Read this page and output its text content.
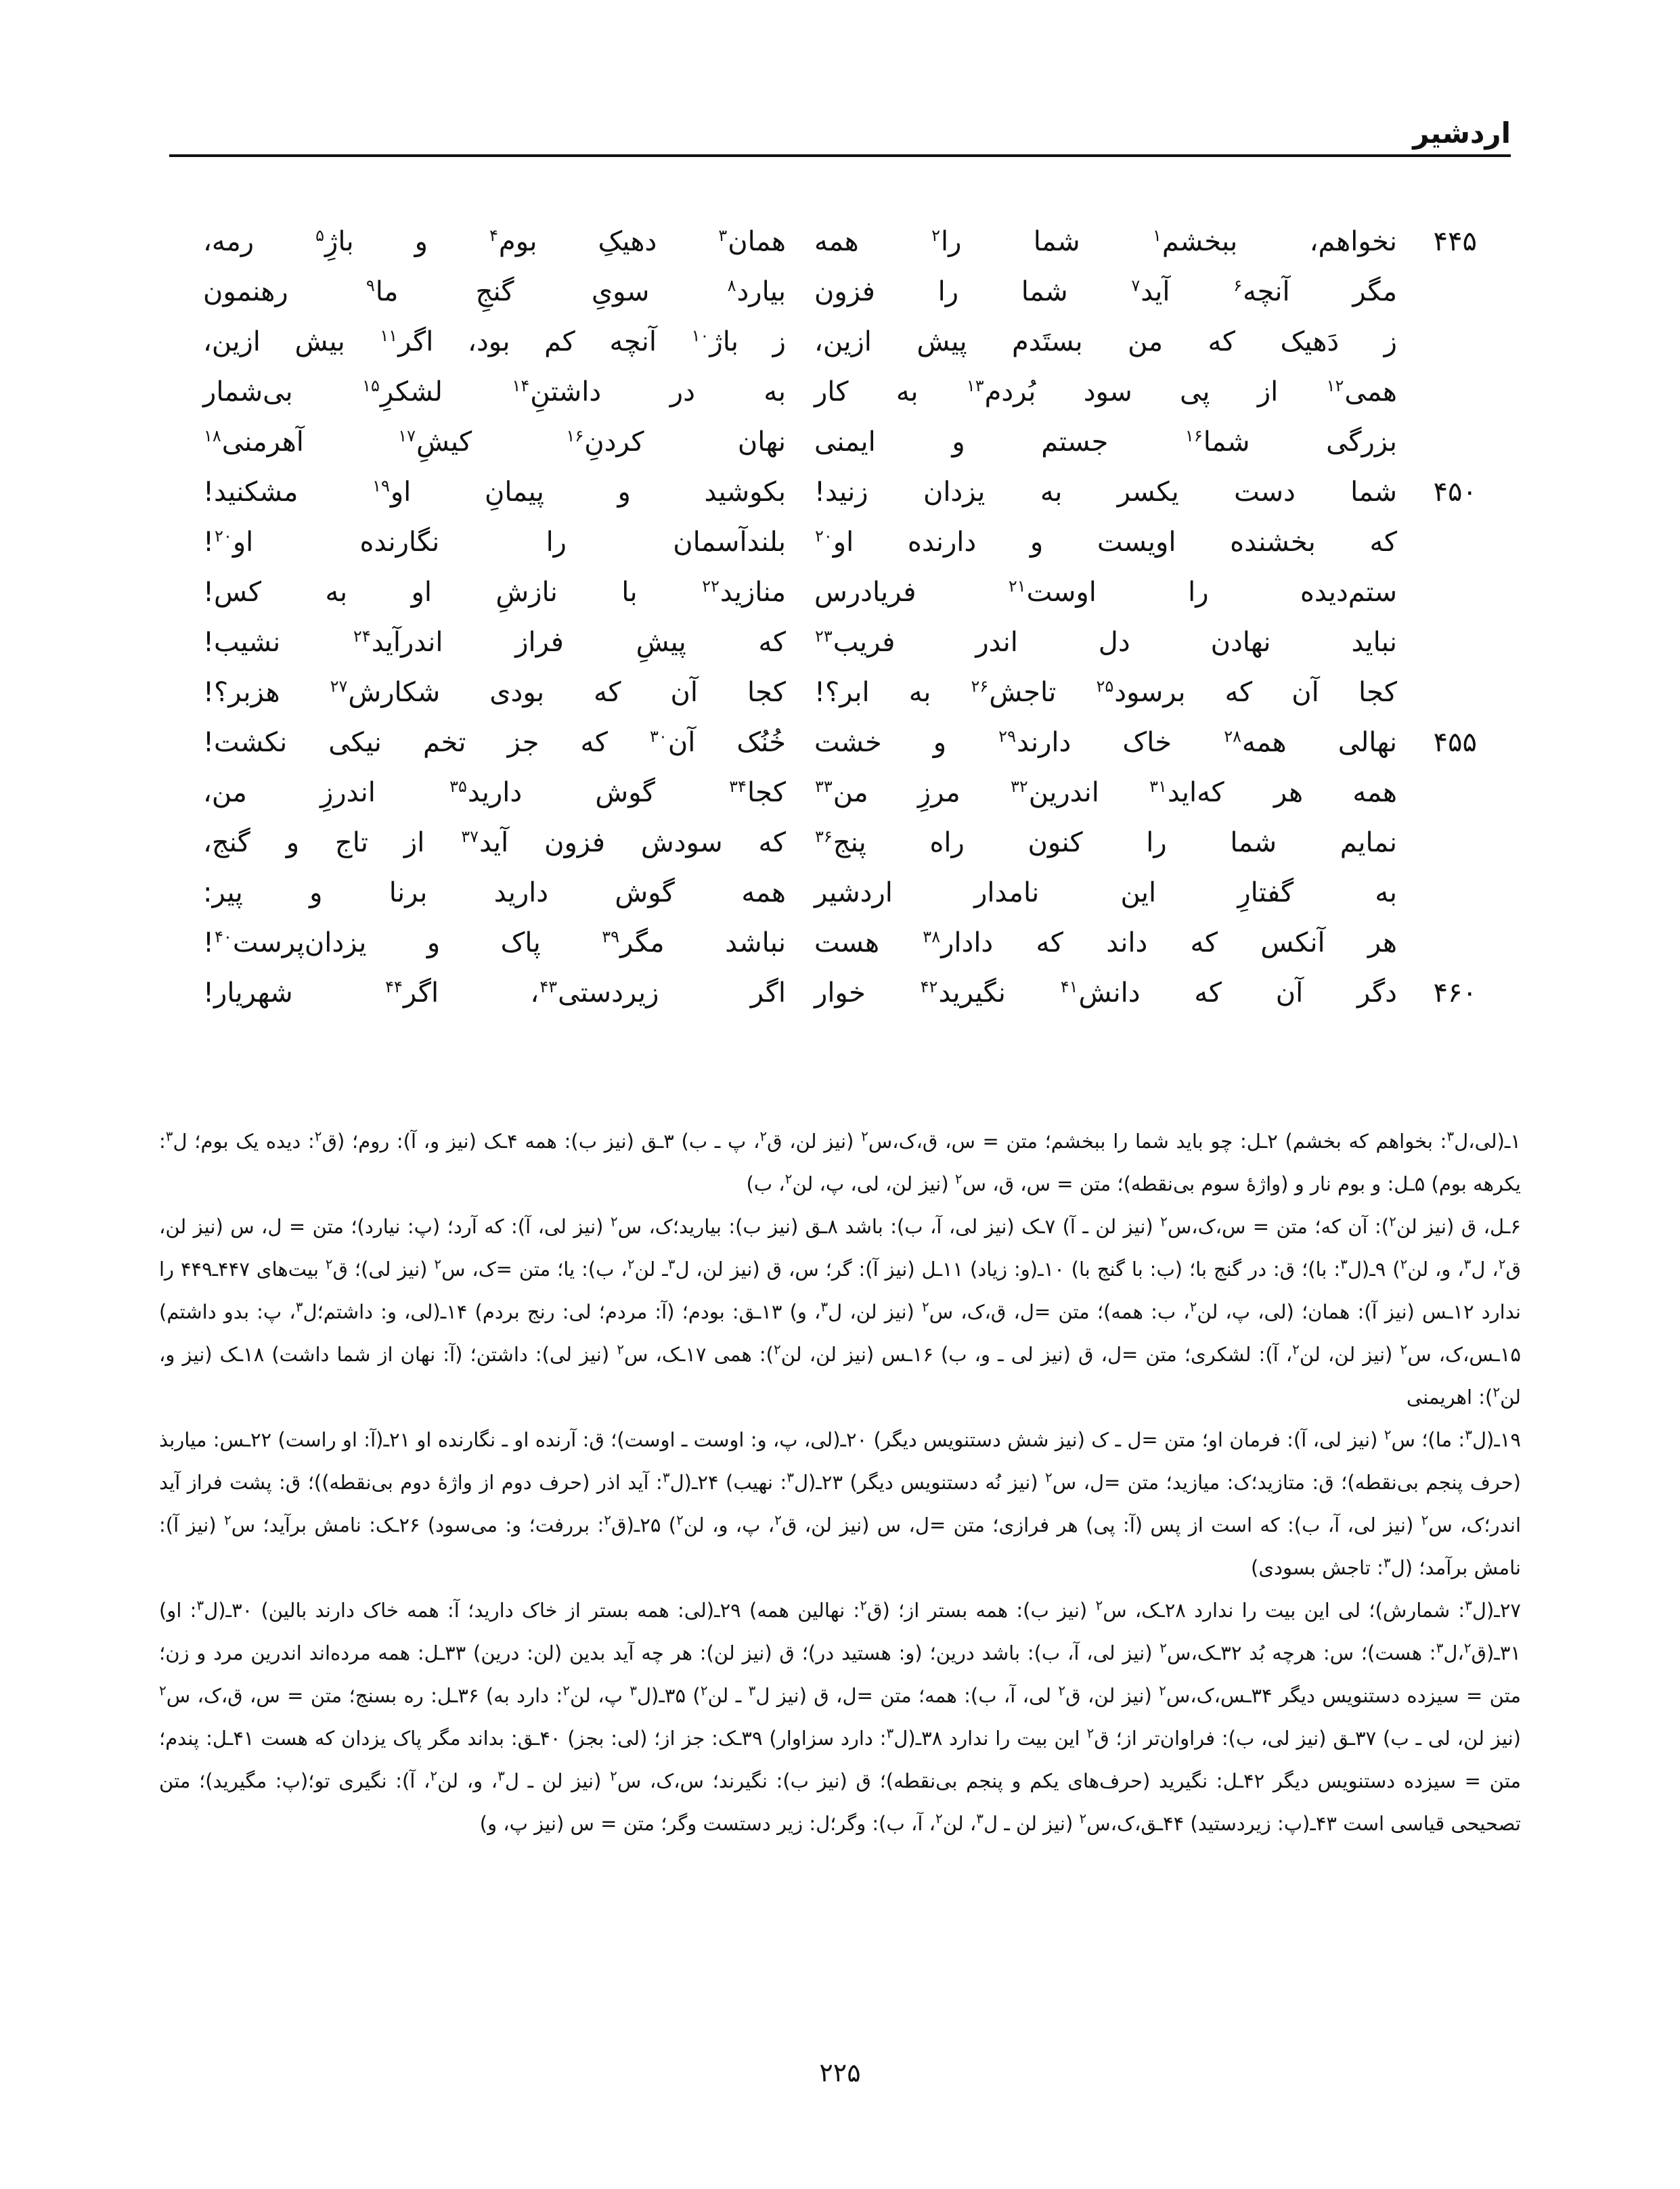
اردشیر
۴۴۵
نخواهم، ببخشم$^۱$ شما را$^۲$ همه
همان$^۳$ دهیکِ بوم$^۴$ و باژِ$^۵$ رمه،
مگر آنچه$^۶$ آید$^۷$ شما را فزون
بیارد$^۸$ سویِ گنجِ ما$^۹$ رهنمون
ز دَهیک که من بستَدم پیش ازین،
ز باژ$^{۱۰}$ آنچه کم بود، اگر$^{۱۱}$ بیش ازین،
همی$^{۱۲}$ از پی سود بُردم$^{۱۳}$ به کار
به در داشتنِ$^{۱۴}$ لشکرِ$^{۱۵}$ بی‌شمار
بزرگی شما$^{۱۶}$ جستم و ایمنی
نهان کردنِ$^{۱۶}$ کیشِ$^{۱۷}$ آهرمنی$^{۱۸}$
۴۵۰
شما دست یکسر به یزدان زنید!
بکوشید و پیمانِ او$^{۱۹}$ مشکنید!
که بخشنده اویست و دارنده او$^{۲۰}$
بلندآسمان را نگارنده او$^{۲۰}$!
ستم‌دیده را اوست$^{۲۱}$ فریادرس
منازید$^{۲۲}$ با نازشِ او به کس!
نباید نهادن دل اندر فریب$^{۲۳}$
که پیشِ فراز اندرآید$^{۲۴}$ نشیب!
کجا آن که برسود$^{۲۵}$ تاجش$^{۲۶}$ به ابر؟!
کجا آن که بودی شکارش$^{۲۷}$ هزبر؟!
۴۵۵
نهالی همه$^{۲۸}$ خاک دارند$^{۲۹}$ و خشت
خُنُک آن$^{۳۰}$ که جز تخم نیکی نکشت!
همه هر که‌اید$^{۳۱}$ اندرین$^{۳۲}$ مرزِ من$^{۳۳}$
کجا$^{۳۴}$ گوش دارید$^{۳۵}$ اندرزِ من،
نمایم شما را کنون راه پنج$^{۳۶}$
که سودش فزون آید$^{۳۷}$ از تاج و گنج،
به گفتارِ این نامدار اردشیر
همه گوش دارید برنا و پیر:
هر آنکس که داند که دادار$^{۳۸}$ هست
نباشد مگر$^{۳۹}$ پاک و یزدان‌پرست$^{۴۰}$!
۴۶۰
دگر آن که دانش$^{۴۱}$ نگیرید$^{۴۲}$ خوار
اگر زیردستی$^{۴۳}$، اگر$^{۴۴}$ شهریار!
۱ـ(لی،ل$^۳$: بخواهم که بخشم) ۲ـل: چو باید شما را ببخشم؛ متن = س، ق،ک،س$^۲$ (نیز لن، ق$^۲$، پ ـ ب) ۳ـق (نیز ب): همه ۴ـک (نیز و، آ): روم؛ (ق$^۲$: دیده یک بوم؛ ل$^۳$: یکرهه بوم) ۵ـل: و بوم نار و (واژهٔ سوم بی‌نقطه)؛ متن = س، ق، س$^۲$ (نیز لن، لی، پ، لن$^۲$، ب)
۶ـل، ق (نیز لن$^۲$): آن که؛ متن = س،ک،س$^۲$ (نیز لن ـ آ) ۷ـک (نیز لی، آ، ب): باشد ۸ـق (نیز ب): بیارید؛ک، س$^۲$ (نیز لی، آ): که آرد؛ (پ: نیارد)؛ متن = ل، س (نیز لن، ق$^۲$، ل$^۳$، و، لن$^۲$) ۹ـ(ل$^۳$: با)؛ ق: در گنج با؛ (ب: با گنج با) ۱۰ـ(و: زیاد) ۱۱ـل (نیز آ): گر؛ س، ق (نیز لن، ل$^۳$ـ لن$^۲$، ب): یا؛ متن =ک، س$^۲$ (نیز لی)؛ ق$^۲$ بیت‌های ۴۴۷ـ۴۴۹ را ندارد ۱۲ـس (نیز آ): همان؛ (لی، پ، لن$^۲$، ب: همه)؛ متن =ل، ق،ک، س$^۲$ (نیز لن، ل$^۳$، و) ۱۳ـق: بودم؛ (آ: مردم؛ لی: رنج بردم) ۱۴ـ(لی، و: داشتم؛ل$^۳$، پ: بدو داشتم) ۱۵ـس،ک، س$^۲$ (نیز لن، لن$^۲$، آ): لشکری؛ متن =ل، ق (نیز لی ـ و، ب) ۱۶ـس (نیز لن، لن$^۲$): همی ۱۷ـک، س$^۲$ (نیز لی): داشتن؛ (آ: نهان از شما داشت) ۱۸ـک (نیز و، لن$^۲$): اهریمنی
۱۹ـ(ل$^۳$: ما)؛ س$^۲$ (نیز لی، آ): فرمان او؛ متن =ل ـ ک (نیز شش دستنویس دیگر) ۲۰ـ(لی، پ، و: اوست ـ اوست)؛ ق: آرنده او ـ نگارنده او ۲۱ـ(آ: او راست) ۲۲ـس: میاربذ (حرف پنجم بی‌نقطه)؛ ق: متازید؛ک: میازید؛ متن =ل، س$^۲$ (نیز نُه دستنویس دیگر) ۲۳ـ(ل$^۳$: نهیب) ۲۴ـ(ل$^۳$: آید اذر (حرف دوم از واژهٔ دوم بی‌نقطه))؛ ق: پشت فراز آید اندر؛ک، س$^۲$ (نیز لی، آ، ب): که است از پس (آ: پی) هر فرازی؛ متن =ل، س (نیز لن، ق$^۲$، پ، و، لن$^۲$) ۲۵ـ(ق$^۲$: بررفت؛ و: می‌سود) ۲۶ـک: نامش برآید؛ س$^۲$ (نیز آ): نامش برآمد؛ (ل$^۳$: تاجش بسودی)
۲۷ـ(ل$^۳$: شمارش)؛ لی این بیت را ندارد ۲۸ـک، س$^۲$ (نیز ب): همه بستر از؛ (ق$^۲$: نهالین همه) ۲۹ـ(لی: همه بستر از خاک دارید؛ آ: همه خاک دارند بالین) ۳۰ـ(ل$^۳$: او) ۳۱ـ(ق$^۲$،ل$^۳$: هست)؛ س: هرچه بُد ۳۲ـک،س$^۲$ (نیز لی، آ، ب): باشد درین؛ (و: هستید در)؛ ق (نیز لن): هر چه آید بدین (لن: درین) ۳۳ـل: همه مرده‌اند اندرین مرد و زن؛ متن = سیزده دستنویس دیگر ۳۴ـس،ک،س$^۲$ (نیز لن، ق$^۲$ لی، آ، ب): همه؛ متن =ل، ق (نیز ل$^۳$ ـ لن$^۲$) ۳۵ـ(ل$^۳$ پ، لن$^۲$: دارد به) ۳۶ـل: ره بسنج؛ متن = س، ق،ک، س$^۲$ (نیز لن، لی ـ ب) ۳۷ـق (نیز لی، ب): فراوان‌تر از؛ ق$^۲$ این بیت را ندارد ۳۸ـ(ل$^۳$: دارد سزاوار) ۳۹ـک: جز از؛ (لی: بجز) ۴۰ـق: بداند مگر پاک یزدان که هست ۴۱ـل: پندم؛ متن = سیزده دستنویس دیگر ۴۲ـل: نگیرید (حرف‌های یکم و پنجم بی‌نقطه)؛ ق (نیز ب): نگیرند؛ س،ک، س$^۲$ (نیز لن ـ ل$^۳$، و، لن$^۲$، آ): نگیری تو؛(پ: مگیرید)؛ متن تصحیحی قیاسی است ۴۳ـ(پ: زیردستید) ۴۴ـق،ک،س$^۲$ (نیز لن ـ ل$^۳$، لن$^۲$، آ، ب): وگر؛ل: زیر دستست وگر؛ متن = س (نیز پ، و)
۲۲۵
